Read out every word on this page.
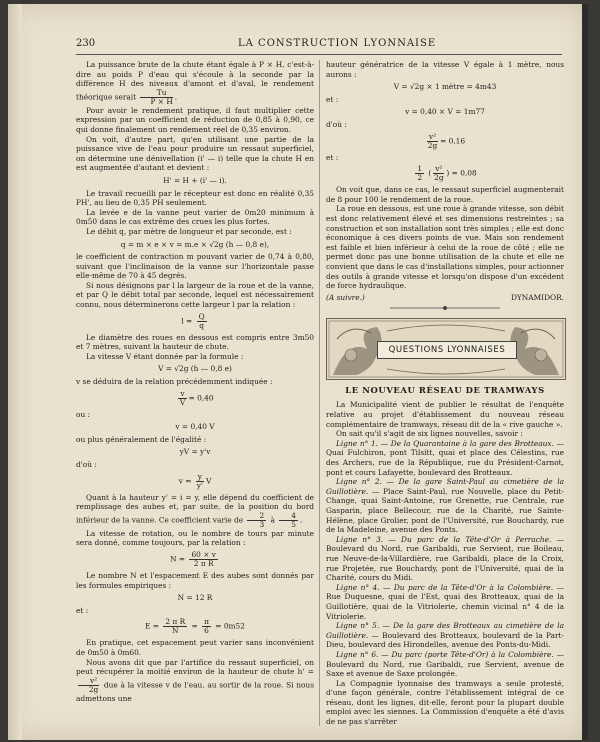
230	LA CONSTRUCTION LYONNAISE

La puissance brute de la chute étant égale à P × H, c'est-à-dire au poids P d'eau qui s'écoule à la seconde par la différence H des niveaux d'amont et d'aval, le rendement théorique serait $\frac{Tu}{P \times H}$ .

Pour avoir le rendement pratique, il faut multiplier cette expression par un coefficient de réduction de 0,85 à 0,90, ce qui donne finalement un rendement réel de 0,35 environ.

On voit, d'autre part, qu'en utilisant une partie de la puissance vive de l'eau pour produire un ressaut superficiel, on détermine une dénivellation (i' — i) telle que la chute H en est augmentée d'autant et devient :

H' = H + (i' — i).

Le travail recueilli par le récepteur est donc en réalité 0,35 PH', au lieu de 0,35 PH seulement.

La levée e de la vanne peut varier de 0m20 minimum à 0m50 dans le cas extrême des crues les plus fortes.

Le débit q, par mètre de longueur et par seconde, est :

q = m × e × v = m.e × √2g (h — 0,8 e),

le coefficient de contraction m pouvant varier de 0,74 à 0,80, suivant que l'inclinaison de la vanne sur l'horizontale passe elle-même de 70 à 45 degrés.

Si nous désignons par l la largeur de la roue et de la vanne, et par Q le débit total par seconde, lequel est nécessairement connu, nous déterminerons cette largeur l par la relation :

$l = \frac{Q}{q}$

Le diamètre des roues en dessous est compris entre 3m50 et 7 mètres, suivant la hauteur de chute.

La vitesse V étant donnée par la formule :

V = √2g (h — 0,8 e)

v se déduira de la relation précédemment indiquée :

$\frac{v}{V} = 0,40$
ou :
v = 0,40 V
ou plus généralement de l'égalité :
yV = y'v
d'où :
$v = \frac{y}{y'}$ V

Quant à la hauteur y' = i = y, elle dépend du coefficient de remplissage des aubes et, par suite, de la position du bord inférieur de la vanne. Ce coefficient varie de $\frac{2}{3}$ à $\frac{4}{5}$ .

La vitesse de rotation, ou le nombre de tours par minute sera donné, comme toujours, par la relation :

$N = \frac{60 \times v}{\text{2 π R}}$

Le nombre N et l'espacement E des aubes sont donnés par les formules empiriques :

N = 12 R
et :
$E = \frac{\text{2 π R}}{N} = \frac{\pi}{6} = 0m52$

En pratique, cet espacement peut varier sans inconvénient de 0m50 à 0m60.

Nous avons dit que par l'artifice du ressaut superficiel, on peut récupérer la moitié environ de la hauteur de chute h' =
$\frac{\text{v²}}{2g}$ due à la vitesse v de l'eau, au sortir de la roue. Si nous admettons une

hauteur génératrice de la vitesse V égale à 1 mètre, nous aurons :

V = √2g × 1 mètre = 4m43
et :
v = 0,40 × V = 1m77
d'où :
$\frac{\text{v²}}{2g} = 0,16$
et :
$\frac{1}{2}$ ( $\frac{\text{v²}}{2g}$ ) = 0,08

On voit que, dans ce cas, le ressaut superficiel augmenterait de 8 pour 100 le rendement de la roue.

La roue en dessous, est une roue à grande vitesse, son débit est donc relativement élevé et ses dimensions restreintes ; sa construction et son installation sont très simples ; elle est donc économique à ces divers points de vue. Mais son rendement est faible et bien inférieur à celui de la roue de côté ; elle ne permet donc pas une bonne utilisation de la chute et elle ne convient que dans le cas d'installations simples, pour actionner des outils à grande vitesse et lorsqu'on dispose d'un excédent de force hydraulique.

(A suivre.)	DYNAMIDOR.
QUESTIONS LYONNAISES
LE NOUVEAU RÉSEAU DE TRAMWAYS

La Municipalité vient de publier le résultat de l'enquête relative au projet d'établissement du nouveau réseau complémentaire de tramways, réseau dit de la « rive gauche ».

On sait qu'il s'agit de six lignes nouvelles, savoir :

Ligne n° 1. — De la Quarantaine à la gare des Brotteaux. — Quai Fulchiron, pont Tilsitt, quai et place des Célestins, rue des Archers, rue de la République, rue du Président-Carnot, pont et cours Lafayette, boulevard des Brotteaux.

Ligne n° 2. — De la gare Saint-Paul au cimetière de la Guillotière. — Place Saint-Paul, rue Nouvelle, place du Petit-Change, quai Saint-Antoine, rue Grenette, rue Centrale, rue Gasparin, place Bellecour, rue de la Charité, rue Sainte-Hélène, place Grolier, pont de l'Université, rue Bouchardy, rue de la Madeleine, avenue des Ponts.

Ligne n° 3. — Du parc de la Tête-d'Or à Perrache. — Boulevard du Nord, rue Garibaldi, rue Servient, rue Boileau, rue Neuve-de-la-Villardière, rue Garibaldi, place de la Croix, rue Projetée, rue Bouchardy, pont de l'Université, quai de la Charité, cours du Midi.

Ligne n° 4. — Du parc de la Tête-d'Or à la Colombière. — Rue Duquesne, quai de l'Est, quai des Brotteaux, quai de la Guillotière, quai de la Vitriolerie, chemin vicinal n° 4 de la Vitriolerie.

Ligne n° 5. — De la gare des Brotteaux au cimetière de la Guillotière. — Boulevard des Brotteaux, boulevard de la Part-Dieu, boulevard des Hirondelles, avenue des Ponts-du-Midi.

Ligne n° 6. — Du parc (porte Tête-d'Or) à la Colombière. — Boulevard du Nord, rue Garibaldi, rue Servient, avenue de Saxe et avenue de Saxe prolongée.

La Compagnie lyonnaise des tramways a seule protesté, d'une façon générale, contre l'établissement intégral de ce réseau, dont les lignes, dit-elle, feront pour la plupart double emploi avec les siennes. La Commission d'enquête a été d'avis de ne pas s'arrêter
